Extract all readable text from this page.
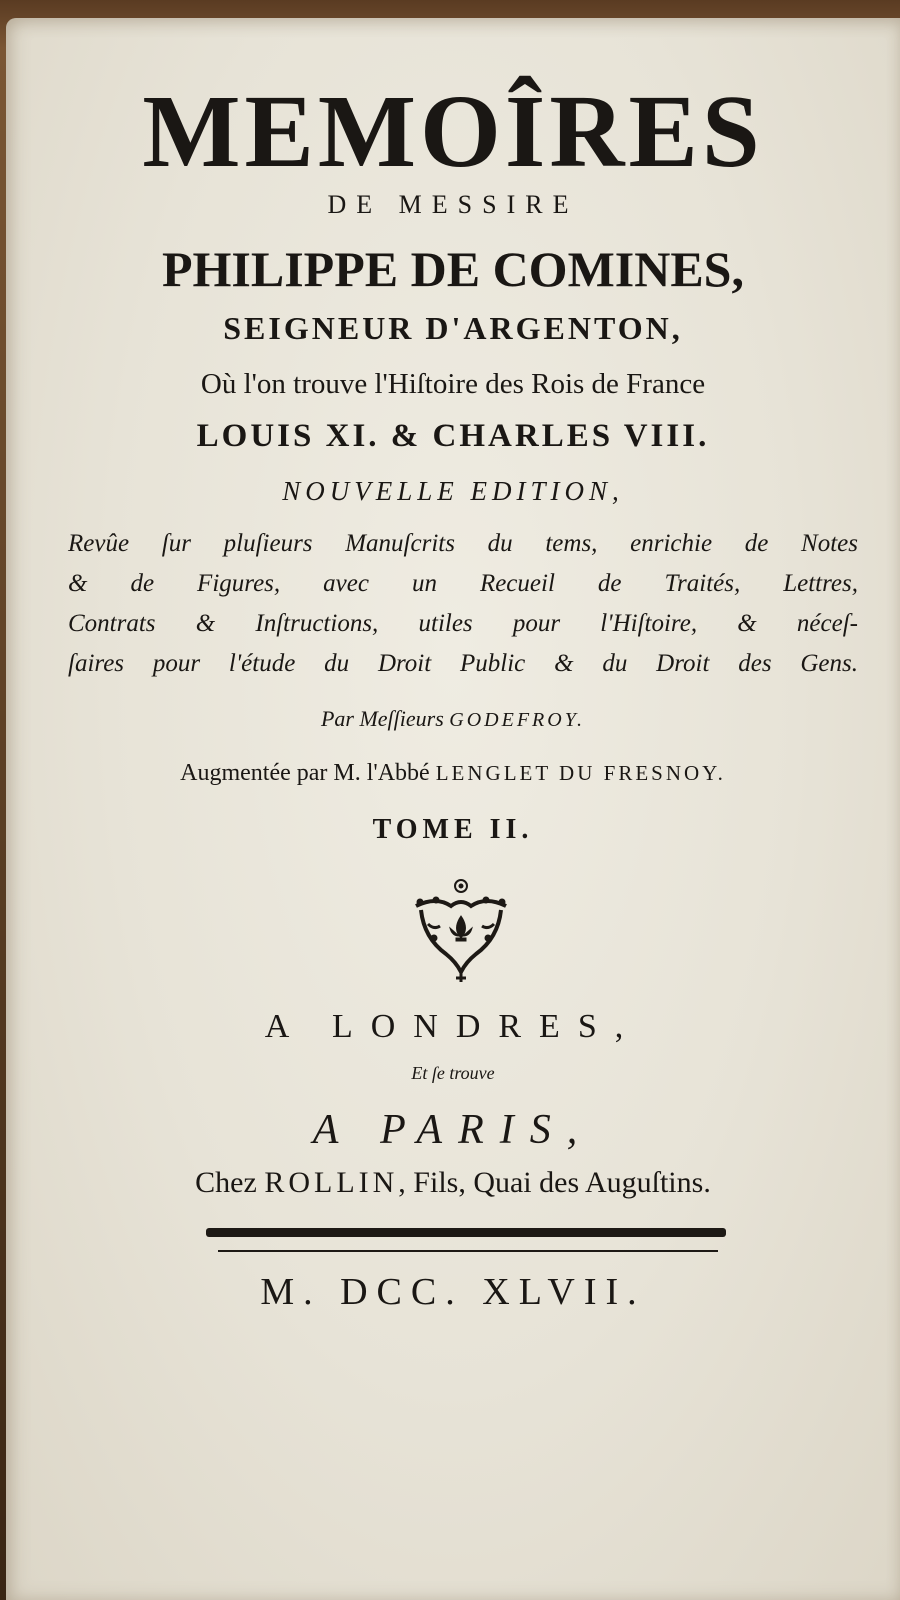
MEMOÎRES
DE MESSIRE
PHILIPPE DE COMINES,
SEIGNEUR D'ARGENTON,
Où l'on trouve l'Hiſtoire des Rois de France
LOUIS XI. & CHARLES VIII.
NOUVELLE EDITION,
Revûe ſur pluſieurs Manuſcrits du tems, enrichie de Notes
& de Figures, avec un Recueil de Traités, Lettres,
Contrats & Inſtructions, utiles pour l'Hiſtoire, & néceſ-
ſaires pour l'étude du Droit Public & du Droit des Gens.
Par Meſſieurs GODEFROY.
Augmentée par M. l'Abbé LENGLET DU FRESNOY.
TOME II.
A LONDRES,
Et ſe trouve
A PARIS,
Chez ROLLIN, Fils, Quai des Auguſtins.
M. DCC. XLVII.
